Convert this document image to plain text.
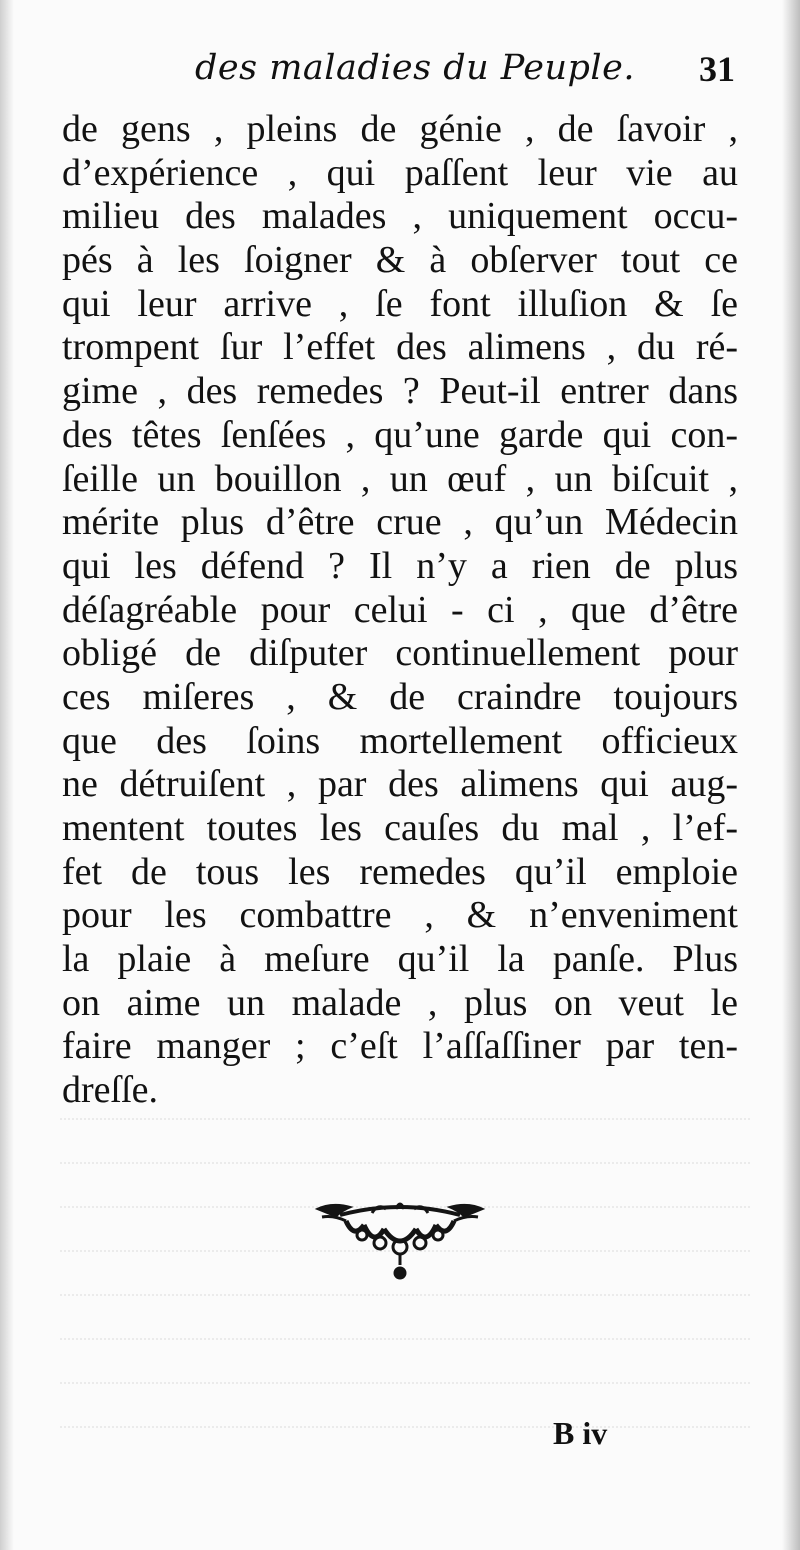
des maladies du Peuple. 31
de gens , pleins de génie , de ſavoir ,
d’expérience , qui paſſent leur vie au
milieu des malades , uniquement occu-
pés à les ſoigner & à obſerver tout ce
qui leur arrive , ſe font illuſion & ſe
trompent ſur l’effet des alimens , du ré-
gime , des remedes ? Peut-il entrer dans
des têtes ſenſées , qu’une garde qui con-
ſeille un bouillon , un œuf , un biſcuit ,
mérite plus d’être crue , qu’un Médecin
qui les défend ? Il n’y a rien de plus
déſagréable pour celui - ci , que d’être
obligé de diſputer continuellement pour
ces miſeres , & de craindre toujours
que des ſoins mortellement officieux
ne détruiſent , par des alimens qui aug-
mentent toutes les cauſes du mal , l’ef-
fet de tous les remedes qu’il emploie
pour les combattre , & n’enveniment
la plaie à meſure qu’il la panſe. Plus
on aime un malade , plus on veut le
faire manger ; c’eſt l’aſſaſſiner par ten-
dreſſe.
B iv
